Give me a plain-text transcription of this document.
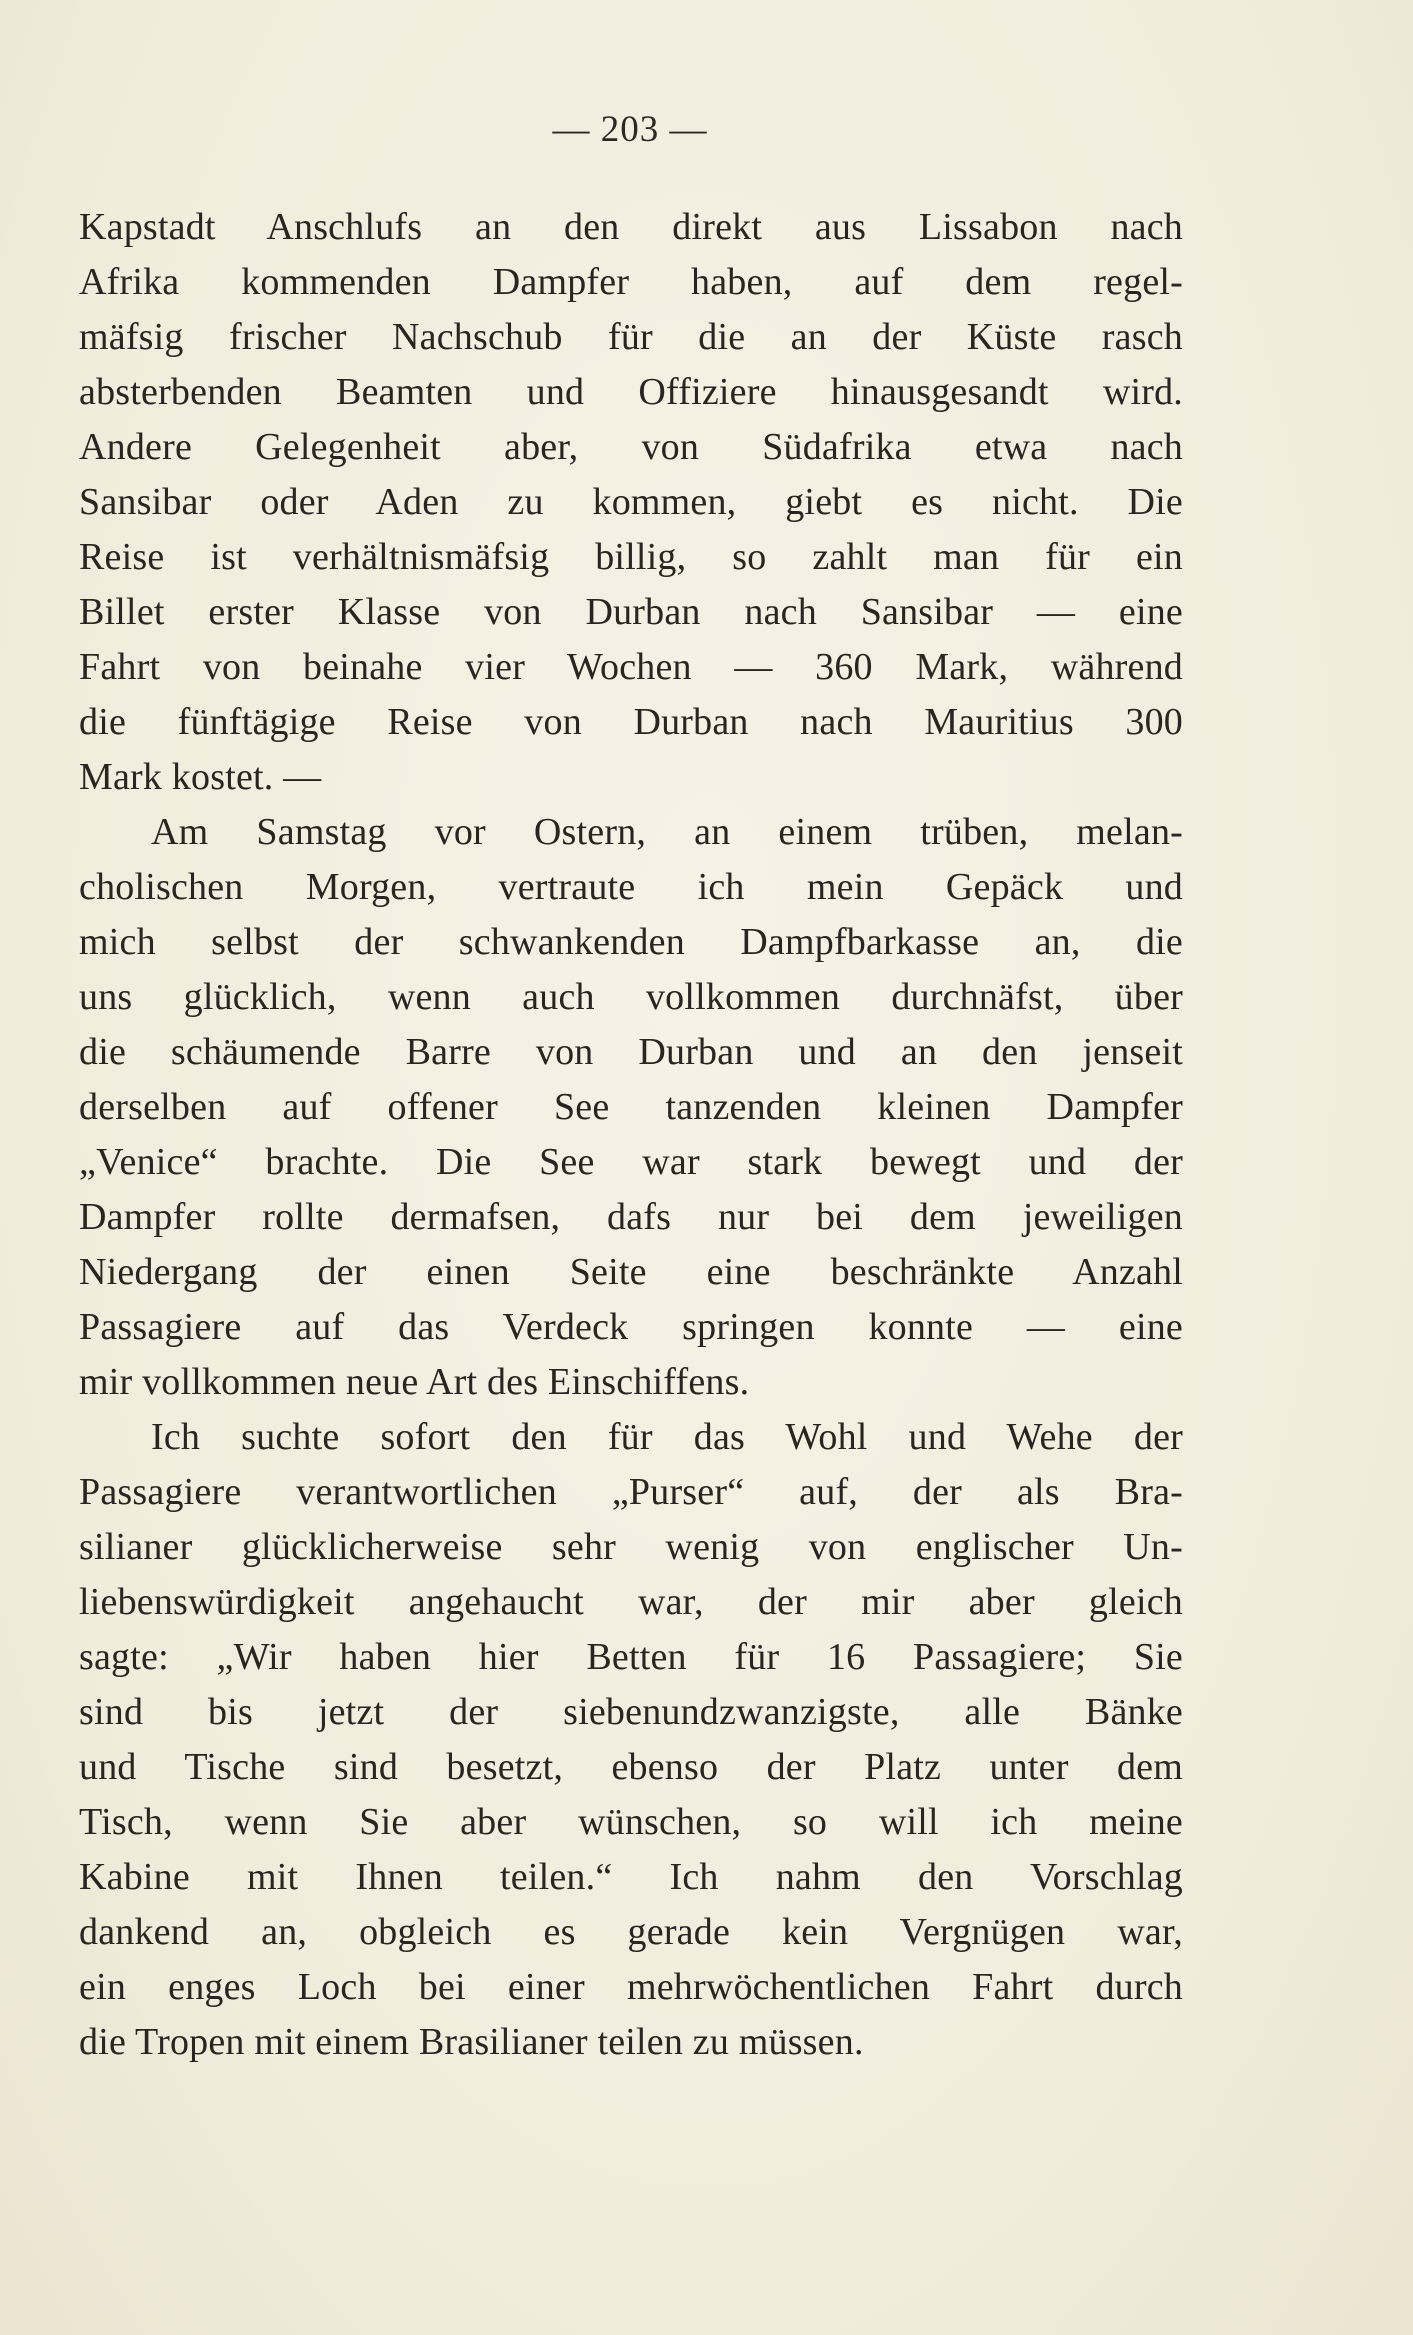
— 203 —
Kapstadt Anschlufs an den direkt aus Lissabon nach
Afrika kommenden Dampfer haben, auf dem regel-
mäfsig frischer Nachschub für die an der Küste rasch
absterbenden Beamten und Offiziere hinausgesandt wird.
Andere Gelegenheit aber, von Südafrika etwa nach
Sansibar oder Aden zu kommen, giebt es nicht. Die
Reise ist verhältnismäfsig billig, so zahlt man für ein
Billet erster Klasse von Durban nach Sansibar — eine
Fahrt von beinahe vier Wochen — 360 Mark, während
die fünftägige Reise von Durban nach Mauritius 300
Mark kostet. —
Am Samstag vor Ostern, an einem trüben, melan-
cholischen Morgen, vertraute ich mein Gepäck und
mich selbst der schwankenden Dampfbarkasse an, die
uns glücklich, wenn auch vollkommen durchnäfst, über
die schäumende Barre von Durban und an den jenseit
derselben auf offener See tanzenden kleinen Dampfer
„Venice“ brachte. Die See war stark bewegt und der
Dampfer rollte dermafsen, dafs nur bei dem jeweiligen
Niedergang der einen Seite eine beschränkte Anzahl
Passagiere auf das Verdeck springen konnte — eine
mir vollkommen neue Art des Einschiffens.
Ich suchte sofort den für das Wohl und Wehe der
Passagiere verantwortlichen „Purser“ auf, der als Bra-
silianer glücklicherweise sehr wenig von englischer Un-
liebenswürdigkeit angehaucht war, der mir aber gleich
sagte: „Wir haben hier Betten für 16 Passagiere; Sie
sind bis jetzt der siebenundzwanzigste, alle Bänke
und Tische sind besetzt, ebenso der Platz unter dem
Tisch, wenn Sie aber wünschen, so will ich meine
Kabine mit Ihnen teilen.“ Ich nahm den Vorschlag
dankend an, obgleich es gerade kein Vergnügen war,
ein enges Loch bei einer mehrwöchentlichen Fahrt durch
die Tropen mit einem Brasilianer teilen zu müssen.
